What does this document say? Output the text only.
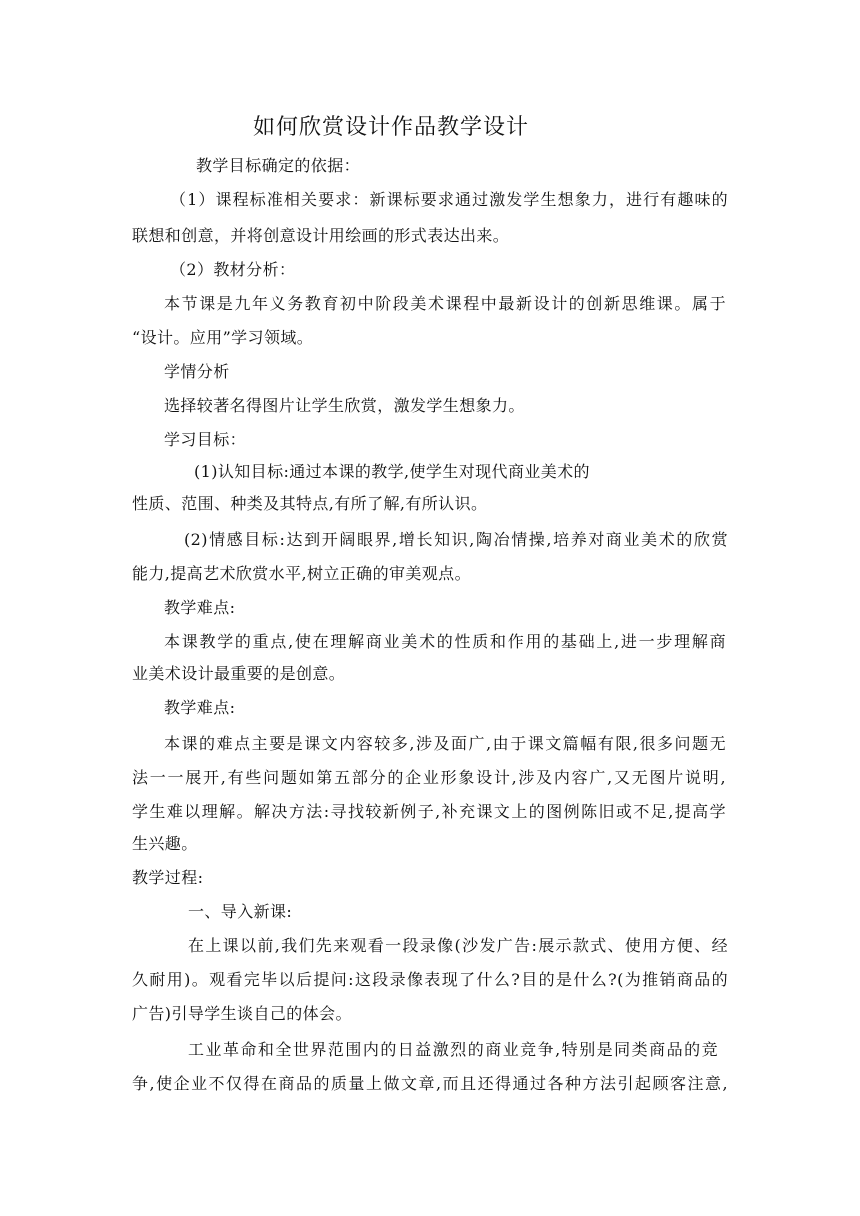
如何欣赏设计作品教学设计
教学目标确定的依据：
（1）课程标准相关要求：新课标要求通过激发学生想象力，进行有趣味的
联想和创意，并将创意设计用绘画的形式表达出来。
（2）教材分析：
本节课是九年义务教育初中阶段美术课程中最新设计的创新思维课。属于
“设计。应用”学习领域。
学情分析
选择较著名得图片让学生欣赏，激发学生想象力。
学习目标：
(1)认知目标:通过本课的教学,使学生对现代商业美术的
性质、范围、种类及其特点,有所了解,有所认识。
(2)情感目标:达到开阔眼界,增长知识,陶冶情操,培养对商业美术的欣赏
能力,提高艺术欣赏水平,树立正确的审美观点。
教学难点:
本课教学的重点,使在理解商业美术的性质和作用的基础上,进一步理解商
业美术设计最重要的是创意。
教学难点:
本课的难点主要是课文内容较多,涉及面广,由于课文篇幅有限,很多问题无
法一一展开,有些问题如第五部分的企业形象设计,涉及内容广,又无图片说明,
学生难以理解。解决方法:寻找较新例子,补充课文上的图例陈旧或不足,提高学
生兴趣。
教学过程:
一、导入新课:
在上课以前,我们先来观看一段录像(沙发广告:展示款式、使用方便、经
久耐用)。观看完毕以后提问:这段录像表现了什么?目的是什么?(为推销商品的
广告)引导学生谈自己的体会。
工业革命和全世界范围内的日益激烈的商业竞争,特别是同类商品的竞
争,使企业不仅得在商品的质量上做文章,而且还得通过各种方法引起顾客注意,
